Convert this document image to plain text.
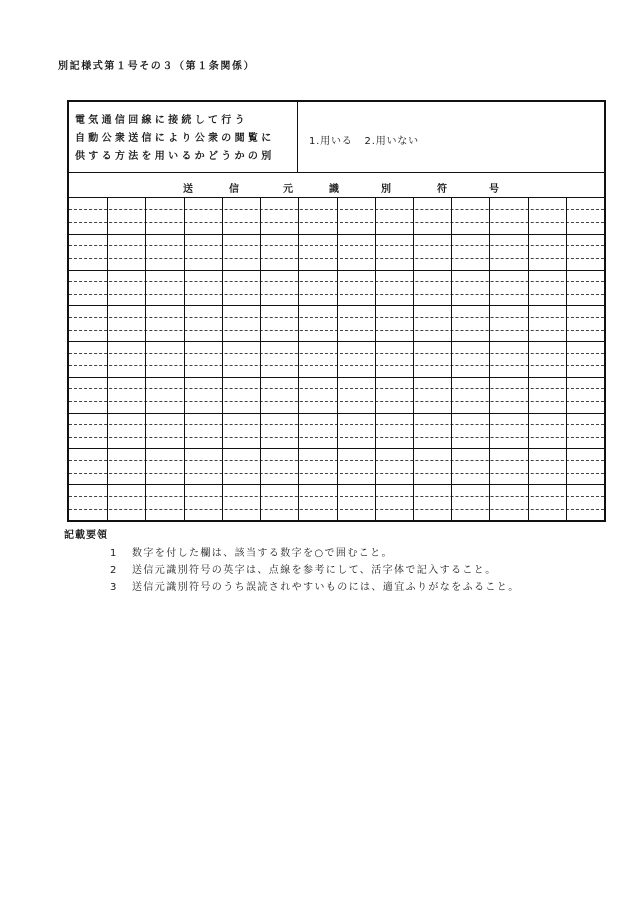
別記様式第１号その３（第１条関係）
電気通信回線に接続して行う
自動公衆送信により公衆の閲覧に
供する方法を用いるかどうかの別
1.用いる 2.用いない
送	信	元	識	別	符	号
記載要領
1 数字を付した欄は、該当する数字を○で囲むこと。
2 送信元識別符号の英字は、点線を参考にして、活字体で記入すること。
3 送信元識別符号のうち誤読されやすいものには、適宜ふりがなをふること。
